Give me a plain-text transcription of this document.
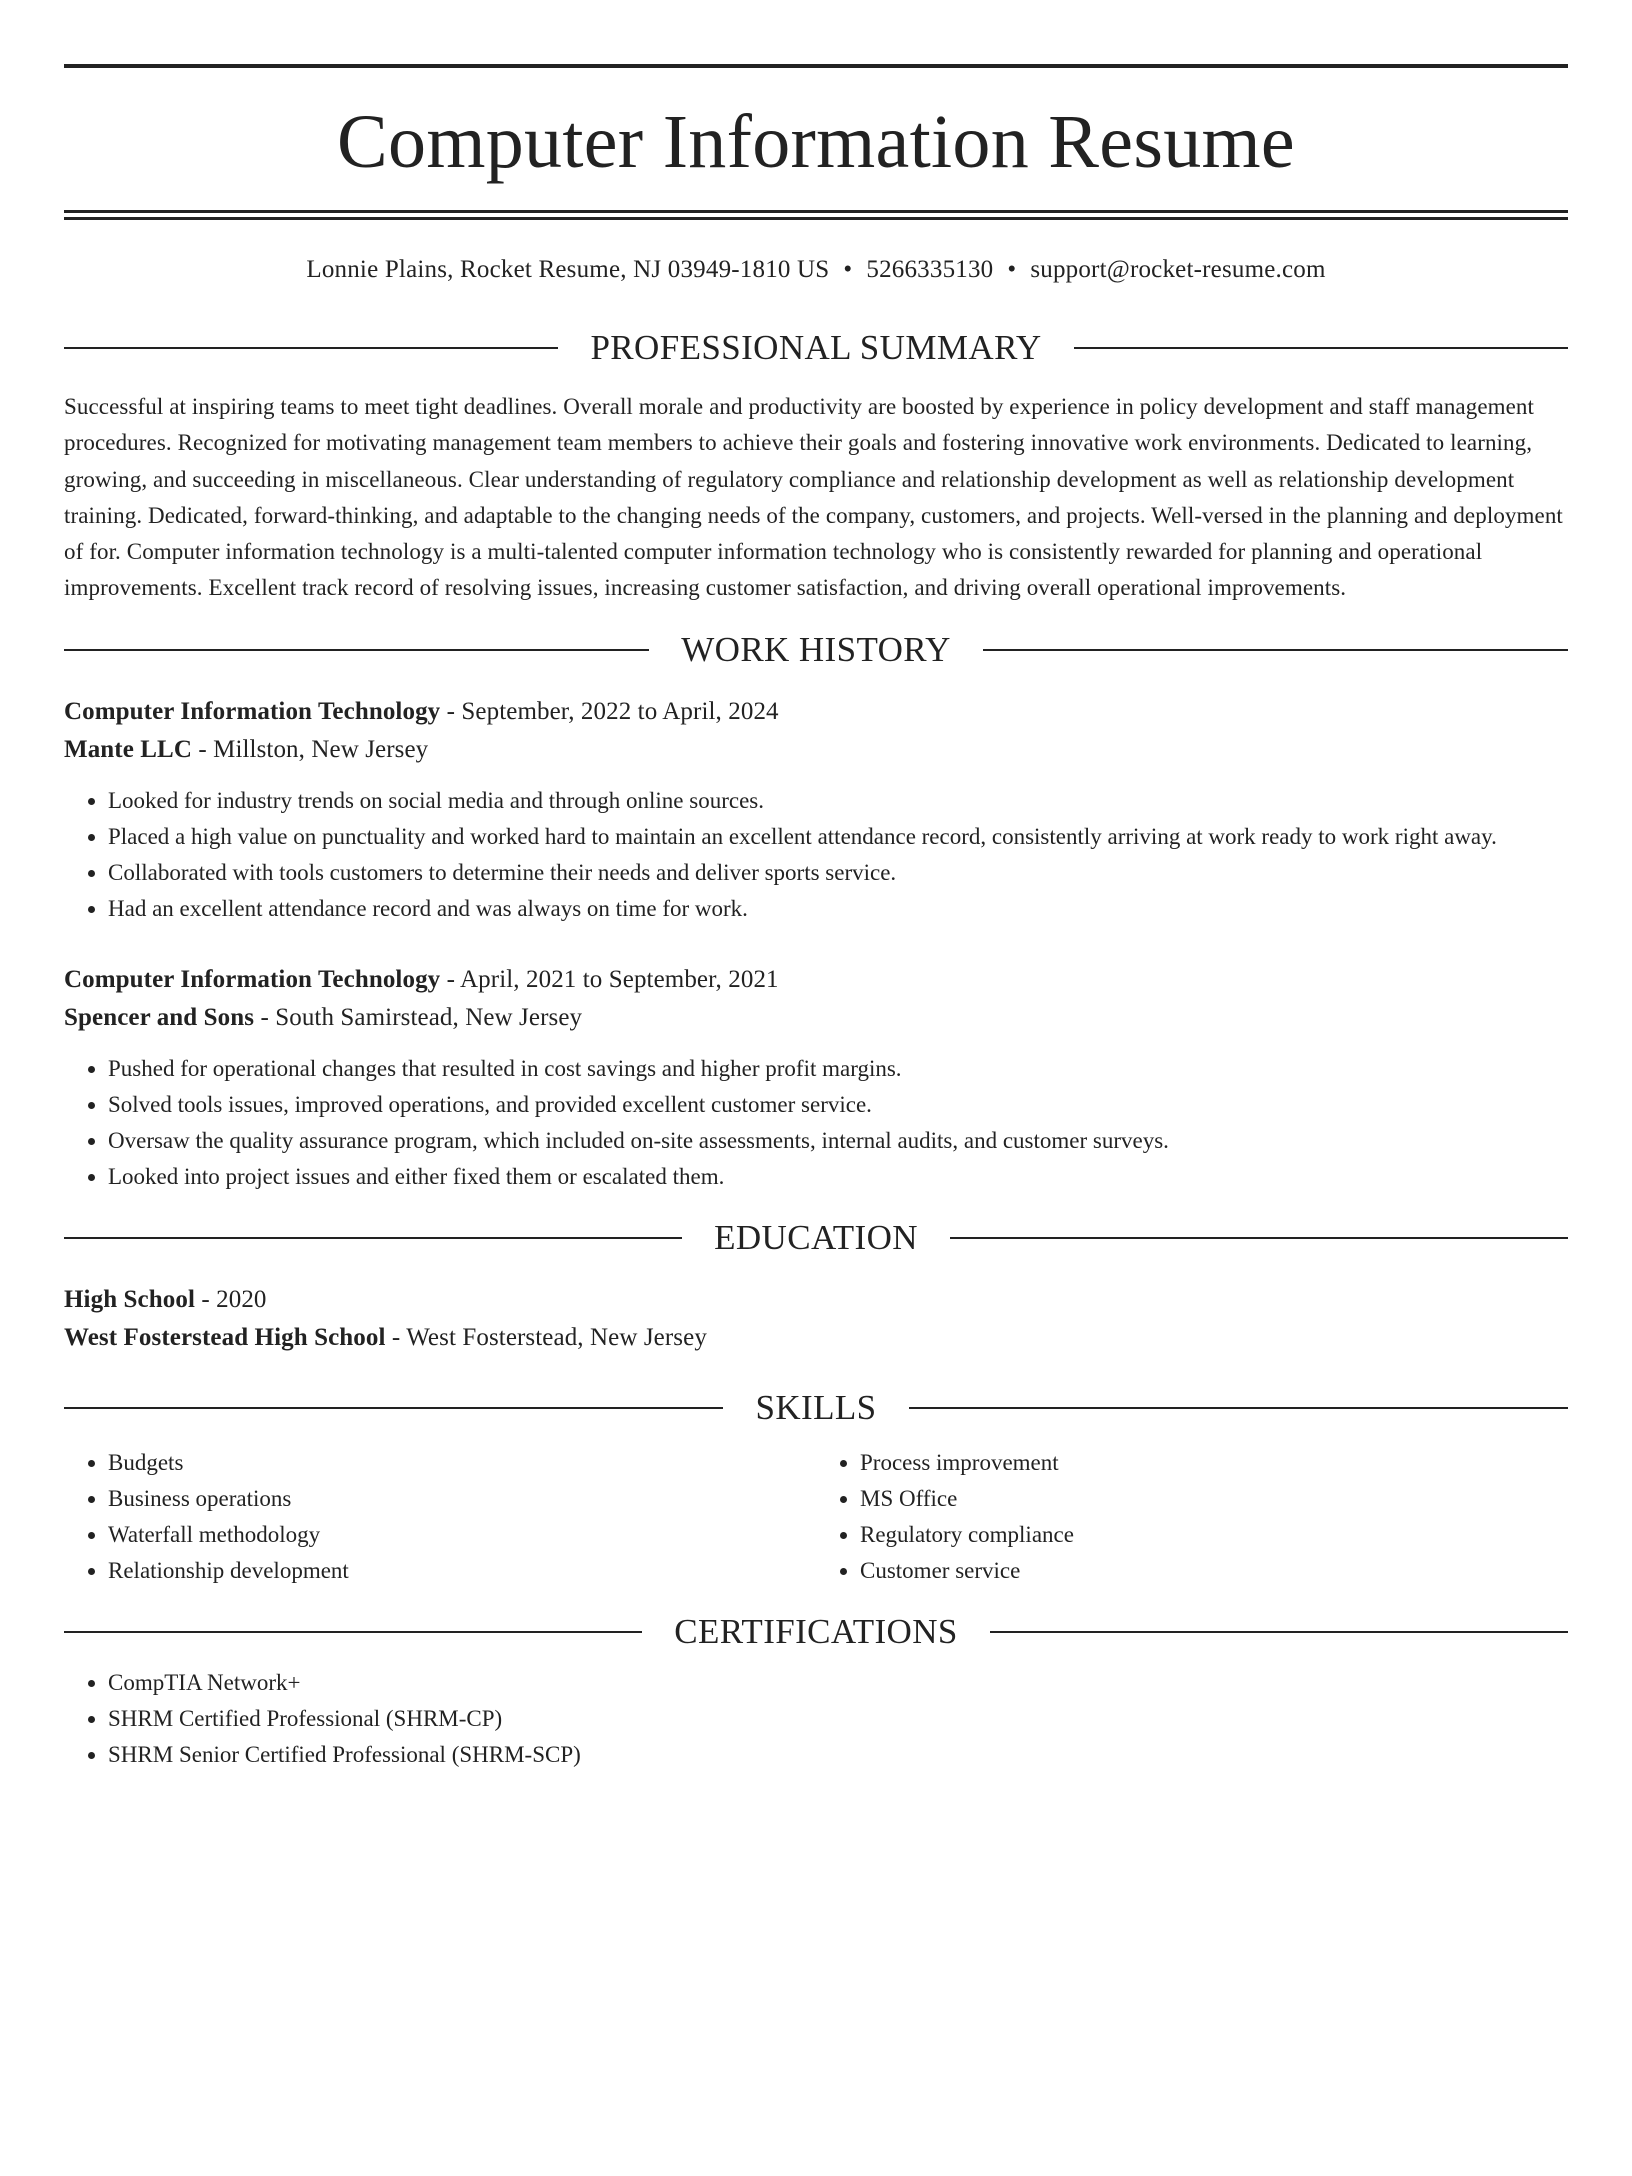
Computer Information Resume
Lonnie Plains, Rocket Resume, NJ 03949-1810 US • 5266335130 • support@rocket-resume.com
PROFESSIONAL SUMMARY
Successful at inspiring teams to meet tight deadlines. Overall morale and productivity are boosted by experience in policy development and staff management procedures. Recognized for motivating management team members to achieve their goals and fostering innovative work environments. Dedicated to learning, growing, and succeeding in miscellaneous. Clear understanding of regulatory compliance and relationship development as well as relationship development training. Dedicated, forward-thinking, and adaptable to the changing needs of the company, customers, and projects. Well-versed in the planning and deployment of for. Computer information technology is a multi-talented computer information technology who is consistently rewarded for planning and operational improvements. Excellent track record of resolving issues, increasing customer satisfaction, and driving overall operational improvements.
WORK HISTORY
Computer Information Technology - September, 2022 to April, 2024
Mante LLC - Millston, New Jersey
• Looked for industry trends on social media and through online sources.
• Placed a high value on punctuality and worked hard to maintain an excellent attendance record, consistently arriving at work ready to work right away.
• Collaborated with tools customers to determine their needs and deliver sports service.
• Had an excellent attendance record and was always on time for work.
Computer Information Technology - April, 2021 to September, 2021
Spencer and Sons - South Samirstead, New Jersey
• Pushed for operational changes that resulted in cost savings and higher profit margins.
• Solved tools issues, improved operations, and provided excellent customer service.
• Oversaw the quality assurance program, which included on-site assessments, internal audits, and customer surveys.
• Looked into project issues and either fixed them or escalated them.
EDUCATION
High School - 2020
West Fosterstead High School - West Fosterstead, New Jersey
SKILLS
• Budgets
• Business operations
• Waterfall methodology
• Relationship development
• Process improvement
• MS Office
• Regulatory compliance
• Customer service
CERTIFICATIONS
• CompTIA Network+
• SHRM Certified Professional (SHRM-CP)
• SHRM Senior Certified Professional (SHRM-SCP)
